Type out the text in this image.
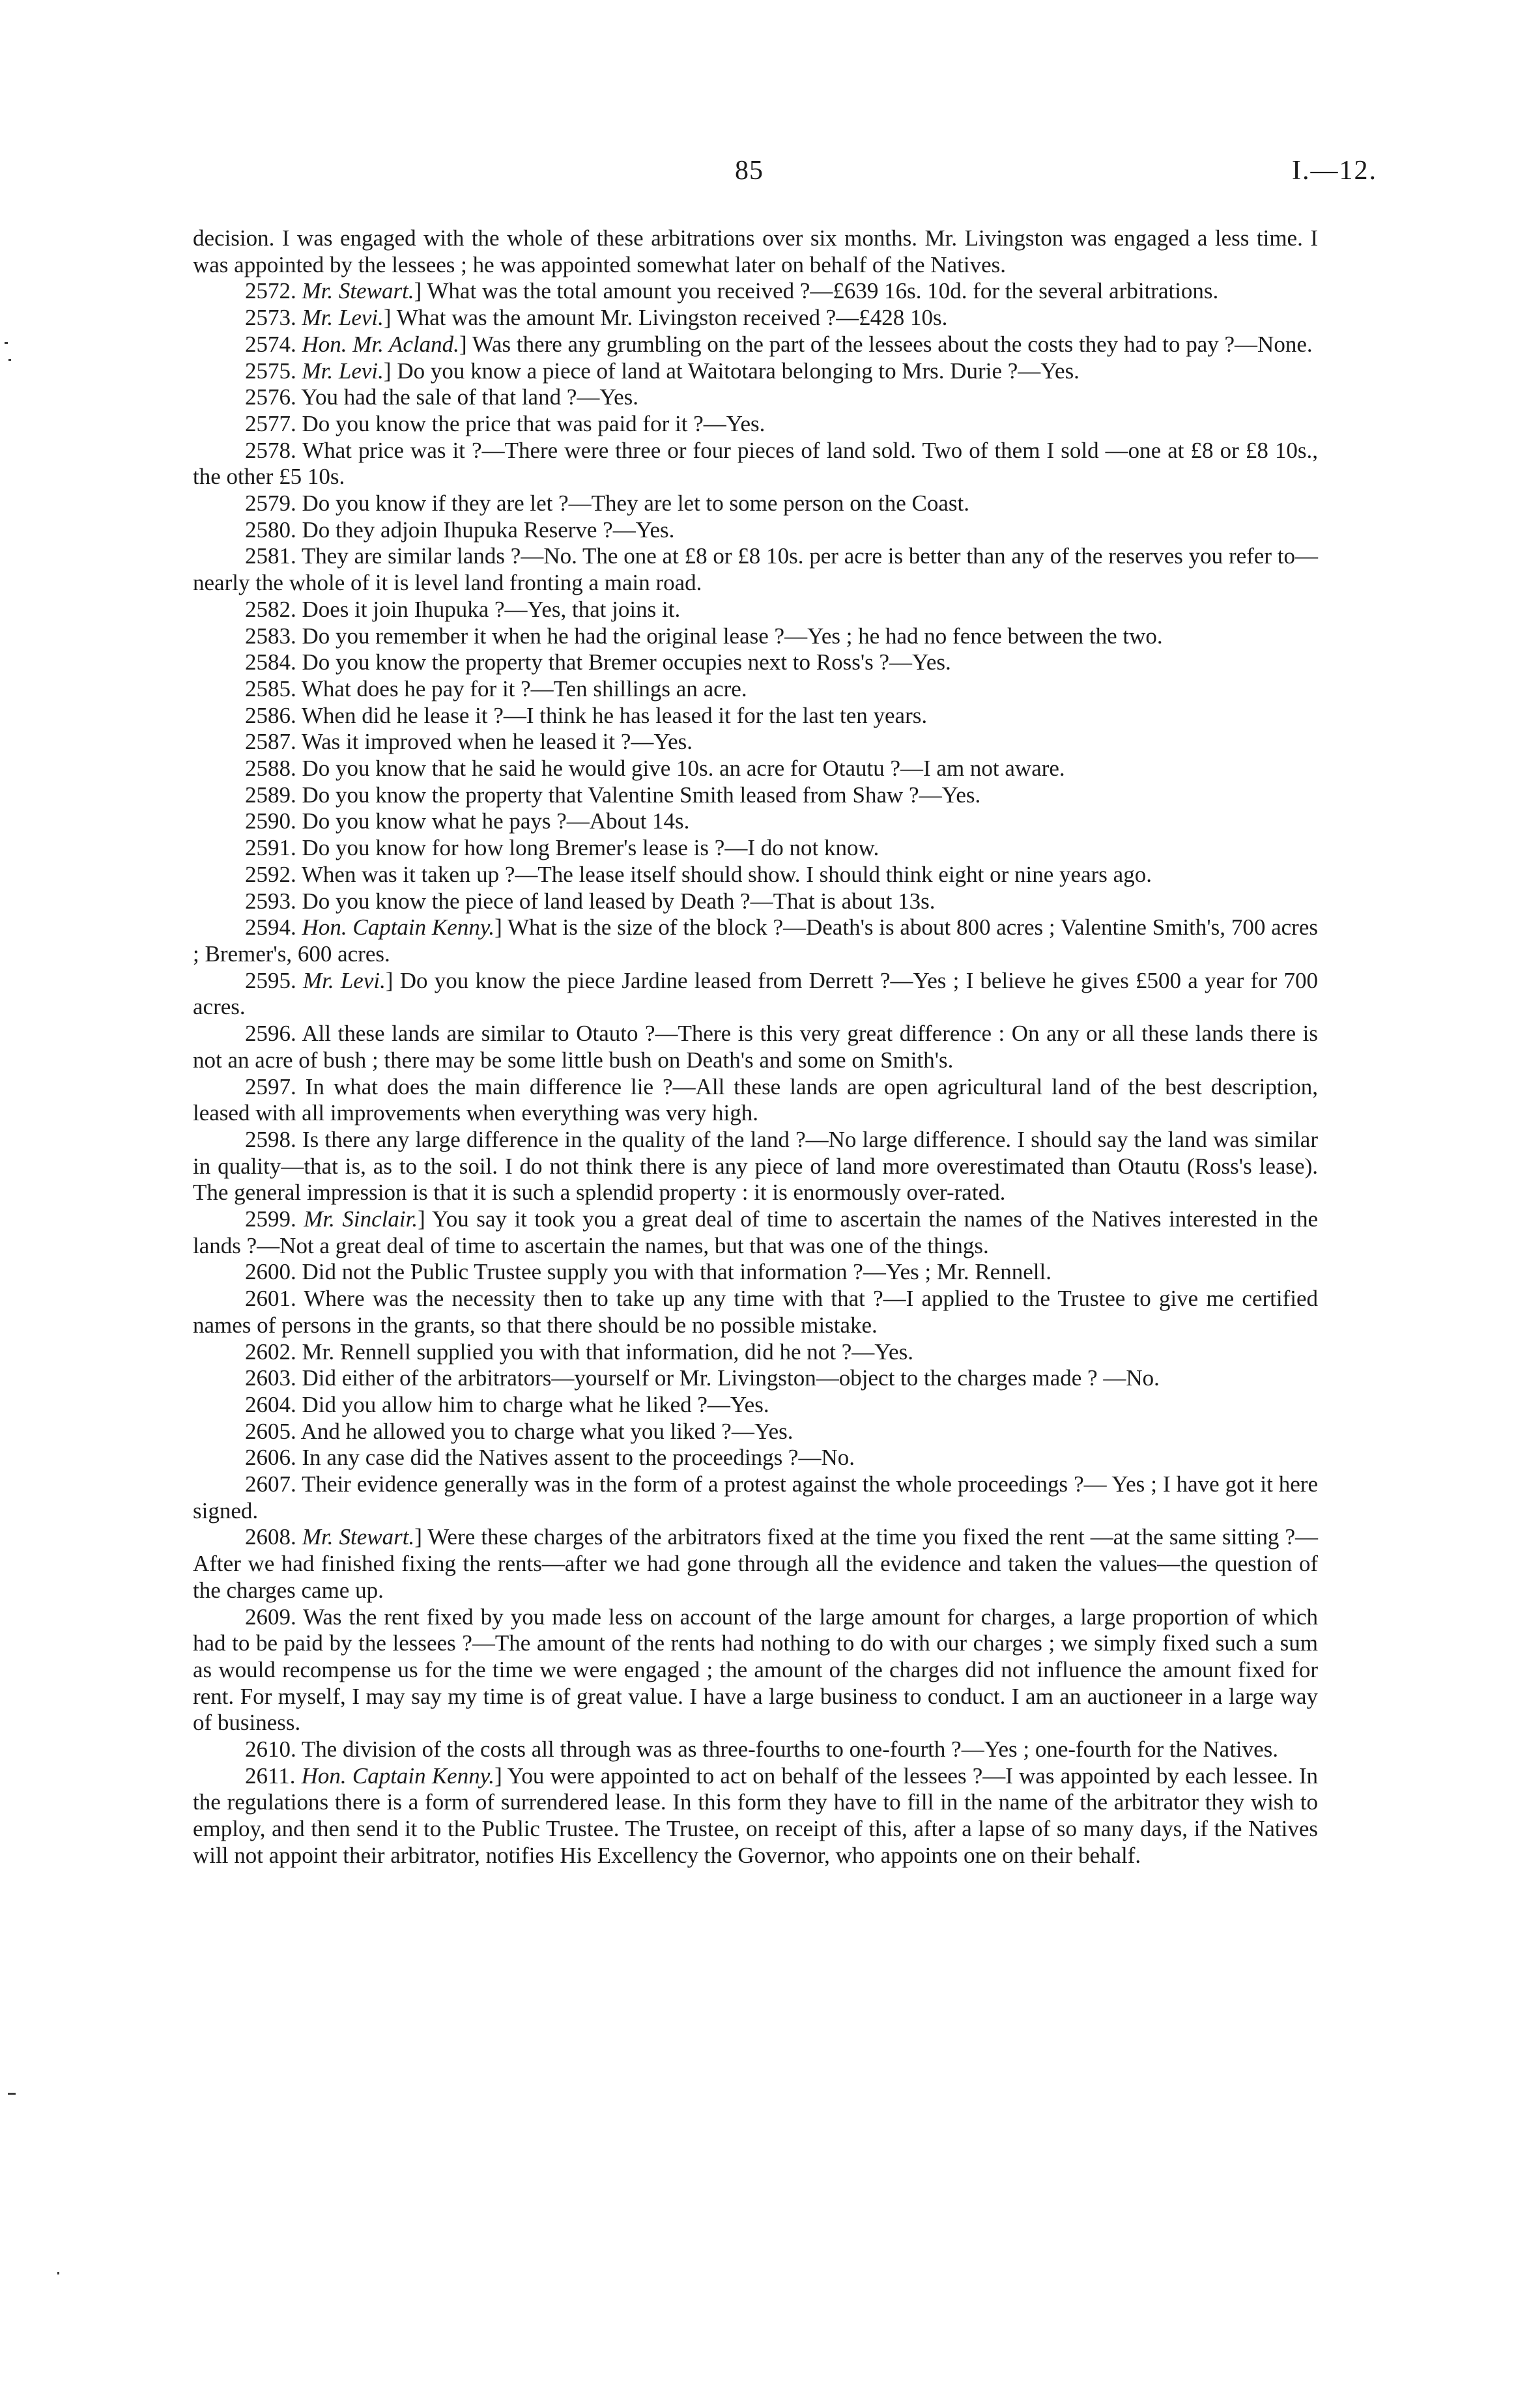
85	I.—12.

decision. I was engaged with the whole of these arbitrations over six months. Mr. Livingston was engaged a less time. I was appointed by the lessees ; he was appointed somewhat later on behalf of the Natives.

2572. Mr. Stewart.] What was the total amount you received ?—£639 16s. 10d. for the several arbitrations.

2573. Mr. Levi.] What was the amount Mr. Livingston received ?—£428 10s.

2574. Hon. Mr. Acland.] Was there any grumbling on the part of the lessees about the costs they had to pay ?—None.

2575. Mr. Levi.] Do you know a piece of land at Waitotara belonging to Mrs. Durie ?—Yes.

2576. You had the sale of that land ?—Yes.

2577. Do you know the price that was paid for it ?—Yes.

2578. What price was it ?—There were three or four pieces of land sold. Two of them I sold —one at £8 or £8 10s., the other £5 10s.

2579. Do you know if they are let ?—They are let to some person on the Coast.

2580. Do they adjoin Ihupuka Reserve ?—Yes.

2581. They are similar lands ?—No. The one at £8 or £8 10s. per acre is better than any of the reserves you refer to—nearly the whole of it is level land fronting a main road.

2582. Does it join Ihupuka ?—Yes, that joins it.

2583. Do you remember it when he had the original lease ?—Yes ; he had no fence between the two.

2584. Do you know the property that Bremer occupies next to Ross's ?—Yes.

2585. What does he pay for it ?—Ten shillings an acre.

2586. When did he lease it ?—I think he has leased it for the last ten years.

2587. Was it improved when he leased it ?—Yes.

2588. Do you know that he said he would give 10s. an acre for Otautu ?—I am not aware.

2589. Do you know the property that Valentine Smith leased from Shaw ?—Yes.

2590. Do you know what he pays ?—About 14s.

2591. Do you know for how long Bremer's lease is ?—I do not know.

2592. When was it taken up ?—The lease itself should show. I should think eight or nine years ago.

2593. Do you know the piece of land leased by Death ?—That is about 13s.

2594. Hon. Captain Kenny.] What is the size of the block ?—Death's is about 800 acres ; Valentine Smith's, 700 acres ; Bremer's, 600 acres.

2595. Mr. Levi.] Do you know the piece Jardine leased from Derrett ?—Yes ; I believe he gives £500 a year for 700 acres.

2596. All these lands are similar to Otauto ?—There is this very great difference : On any or all these lands there is not an acre of bush ; there may be some little bush on Death's and some on Smith's.

2597. In what does the main difference lie ?—All these lands are open agricultural land of the best description, leased with all improvements when everything was very high.

2598. Is there any large difference in the quality of the land ?—No large difference. I should say the land was similar in quality—that is, as to the soil. I do not think there is any piece of land more overestimated than Otautu (Ross's lease). The general impression is that it is such a splendid property : it is enormously over-rated.

2599. Mr. Sinclair.] You say it took you a great deal of time to ascertain the names of the Natives interested in the lands ?—Not a great deal of time to ascertain the names, but that was one of the things.

2600. Did not the Public Trustee supply you with that information ?—Yes ; Mr. Rennell.

2601. Where was the necessity then to take up any time with that ?—I applied to the Trustee to give me certified names of persons in the grants, so that there should be no possible mistake.

2602. Mr. Rennell supplied you with that information, did he not ?—Yes.

2603. Did either of the arbitrators—yourself or Mr. Livingston—object to the charges made ? —No.

2604. Did you allow him to charge what he liked ?—Yes.

2605. And he allowed you to charge what you liked ?—Yes.

2606. In any case did the Natives assent to the proceedings ?—No.

2607. Their evidence generally was in the form of a protest against the whole proceedings ?— Yes ; I have got it here signed.

2608. Mr. Stewart.] Were these charges of the arbitrators fixed at the time you fixed the rent —at the same sitting ?—After we had finished fixing the rents—after we had gone through all the evidence and taken the values—the question of the charges came up.

2609. Was the rent fixed by you made less on account of the large amount for charges, a large proportion of which had to be paid by the lessees ?—The amount of the rents had nothing to do with our charges ; we simply fixed such a sum as would recompense us for the time we were engaged ; the amount of the charges did not influence the amount fixed for rent. For myself, I may say my time is of great value. I have a large business to conduct. I am an auctioneer in a large way of business.

2610. The division of the costs all through was as three-fourths to one-fourth ?—Yes ; one-fourth for the Natives.

2611. Hon. Captain Kenny.] You were appointed to act on behalf of the lessees ?—I was appointed by each lessee. In the regulations there is a form of surrendered lease. In this form they have to fill in the name of the arbitrator they wish to employ, and then send it to the Public Trustee. The Trustee, on receipt of this, after a lapse of so many days, if the Natives will not appoint their arbitrator, notifies His Excellency the Governor, who appoints one on their behalf.
